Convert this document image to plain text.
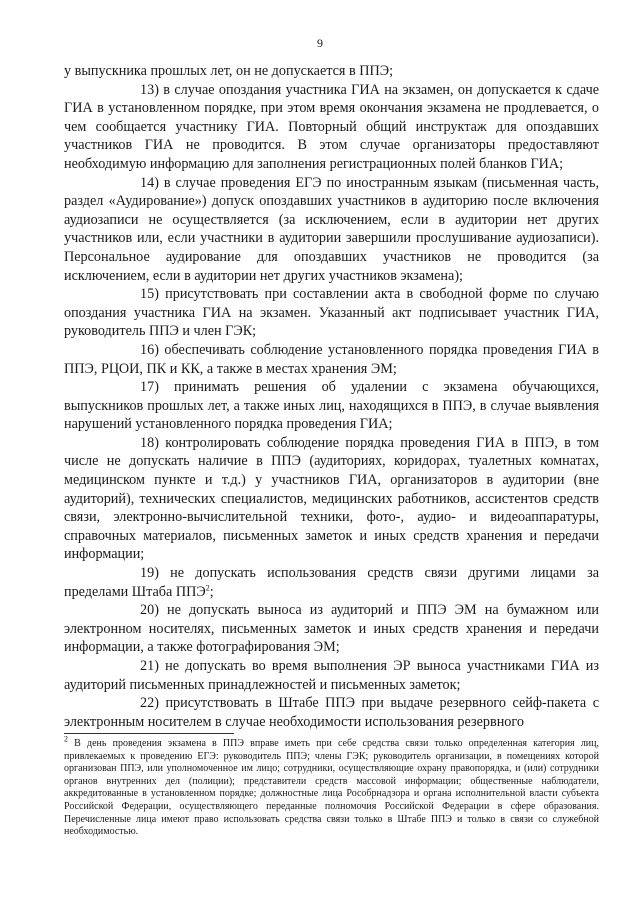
9

у выпускника прошлых лет, он не допускается в ППЭ;

13) в случае опоздания участника ГИА на экзамен, он допускается к сдаче ГИА в установленном порядке, при этом время окончания экзамена не продлевается, о чем сообщается участнику ГИА. Повторный общий инструктаж для опоздавших участников ГИА не проводится. В этом случае организаторы предоставляют необходимую информацию для заполнения регистрационных полей бланков ГИА;

14) в случае проведения ЕГЭ по иностранным языкам (письменная часть, раздел «Аудирование») допуск опоздавших участников в аудиторию после включения аудиозаписи не осуществляется (за исключением, если в аудитории нет других участников или, если участники в аудитории завершили прослушивание аудиозаписи). Персональное аудирование для опоздавших участников не проводится (за исключением, если в аудитории нет других участников экзамена);

15) присутствовать при составлении акта в свободной форме по случаю опоздания участника ГИА на экзамен. Указанный акт подписывает участник ГИА, руководитель ППЭ и член ГЭК;

16) обеспечивать соблюдение установленного порядка проведения ГИА в ППЭ, РЦОИ, ПК и КК, а также в местах хранения ЭМ;

17) принимать решения об удалении с экзамена обучающихся, выпускников прошлых лет, а также иных лиц, находящихся в ППЭ, в случае выявления нарушений установленного порядка проведения ГИА;

18) контролировать соблюдение порядка проведения ГИА в ППЭ, в том числе не допускать наличие в ППЭ (аудиториях, коридорах, туалетных комнатах, медицинском пункте и т.д.) у участников ГИА, организаторов в аудитории (вне аудиторий), технических специалистов, медицинских работников, ассистентов средств связи, электронно-вычислительной техники, фото-, аудио- и видеоаппаратуры, справочных материалов, письменных заметок и иных средств хранения и передачи информации;

19) не допускать использования средств связи другими лицами за пределами Штаба ППЭ$^2$;

20) не допускать выноса из аудиторий и ППЭ ЭМ на бумажном или электронном носителях, письменных заметок и иных средств хранения и передачи информации, а также фотографирования ЭМ;

21) не допускать во время выполнения ЭР выноса участниками ГИА из аудиторий письменных принадлежностей и письменных заметок;

22) присутствовать в Штабе ППЭ при выдаче резервного сейф-пакета с электронным носителем в случае необходимости использования резервного

$^2$ В день проведения экзамена в ППЭ вправе иметь при себе средства связи только определенная категория лиц, привлекаемых к проведению ЕГЭ: руководитель ППЭ; члены ГЭК; руководитель организации, в помещениях которой организован ППЭ, или уполномоченное им лицо; сотрудники, осуществляющие охрану правопорядка, и (или) сотрудники органов внутренних дел (полиции); представители средств массовой информации; общественные наблюдатели, аккредитованные в установленном порядке; должностные лица Рособрнадзора и органа исполнительной власти субъекта Российской Федерации, осуществляющего переданные полномочия Российской Федерации в сфере образования. Перечисленные лица имеют право использовать средства связи только в Штабе ППЭ и только в связи со служебной необходимостью.
